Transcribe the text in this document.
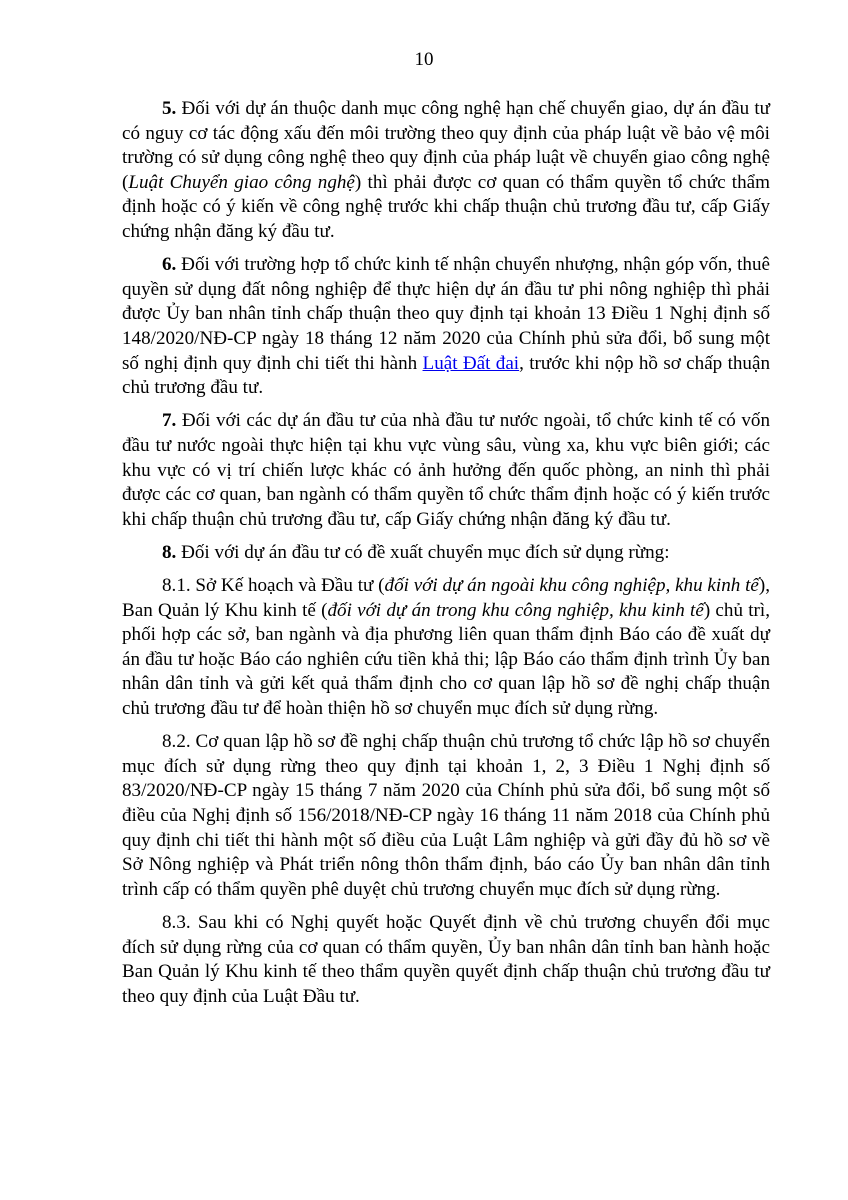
10

5. Đối với dự án thuộc danh mục công nghệ hạn chế chuyển giao, dự án đầu tư có nguy cơ tác động xấu đến môi trường theo quy định của pháp luật về bảo vệ môi trường có sử dụng công nghệ theo quy định của pháp luật về chuyển giao công nghệ (Luật Chuyển giao công nghệ) thì phải được cơ quan có thẩm quyền tổ chức thẩm định hoặc có ý kiến về công nghệ trước khi chấp thuận chủ trương đầu tư, cấp Giấy chứng nhận đăng ký đầu tư.

6. Đối với trường hợp tổ chức kinh tế nhận chuyển nhượng, nhận góp vốn, thuê quyền sử dụng đất nông nghiệp để thực hiện dự án đầu tư phi nông nghiệp thì phải được Ủy ban nhân tỉnh chấp thuận theo quy định tại khoản 13 Điều 1 Nghị định số 148/2020/NĐ-CP ngày 18 tháng 12 năm 2020 của Chính phủ sửa đổi, bổ sung một số nghị định quy định chi tiết thi hành Luật Đất đai, trước khi nộp hồ sơ chấp thuận chủ trương đầu tư.

7. Đối với các dự án đầu tư của nhà đầu tư nước ngoài, tổ chức kinh tế có vốn đầu tư nước ngoài thực hiện tại khu vực vùng sâu, vùng xa, khu vực biên giới; các khu vực có vị trí chiến lược khác có ảnh hưởng đến quốc phòng, an ninh thì phải được các cơ quan, ban ngành có thẩm quyền tổ chức thẩm định hoặc có ý kiến trước khi chấp thuận chủ trương đầu tư, cấp Giấy chứng nhận đăng ký đầu tư.

8. Đối với dự án đầu tư có đề xuất chuyển mục đích sử dụng rừng:

8.1. Sở Kế hoạch và Đầu tư (đối với dự án ngoài khu công nghiệp, khu kinh tế), Ban Quản lý Khu kinh tế (đối với dự án trong khu công nghiệp, khu kinh tế) chủ trì, phối hợp các sở, ban ngành và địa phương liên quan thẩm định Báo cáo đề xuất dự án đầu tư hoặc Báo cáo nghiên cứu tiền khả thi; lập Báo cáo thẩm định trình Ủy ban nhân dân tỉnh và gửi kết quả thẩm định cho cơ quan lập hồ sơ đề nghị chấp thuận chủ trương đầu tư để hoàn thiện hồ sơ chuyển mục đích sử dụng rừng.

8.2. Cơ quan lập hồ sơ đề nghị chấp thuận chủ trương tổ chức lập hồ sơ chuyển mục đích sử dụng rừng theo quy định tại khoản 1, 2, 3 Điều 1 Nghị định số 83/2020/NĐ-CP ngày 15 tháng 7 năm 2020 của Chính phủ sửa đổi, bổ sung một số điều của Nghị định số 156/2018/NĐ-CP ngày 16 tháng 11 năm 2018 của Chính phủ quy định chi tiết thi hành một số điều của Luật Lâm nghiệp và gửi đầy đủ hồ sơ về Sở Nông nghiệp và Phát triển nông thôn thẩm định, báo cáo Ủy ban nhân dân tỉnh trình cấp có thẩm quyền phê duyệt chủ trương chuyển mục đích sử dụng rừng.

8.3. Sau khi có Nghị quyết hoặc Quyết định về chủ trương chuyển đổi mục đích sử dụng rừng của cơ quan có thẩm quyền, Ủy ban nhân dân tỉnh ban hành hoặc Ban Quản lý Khu kinh tế theo thẩm quyền quyết định chấp thuận chủ trương đầu tư theo quy định của Luật Đầu tư.
